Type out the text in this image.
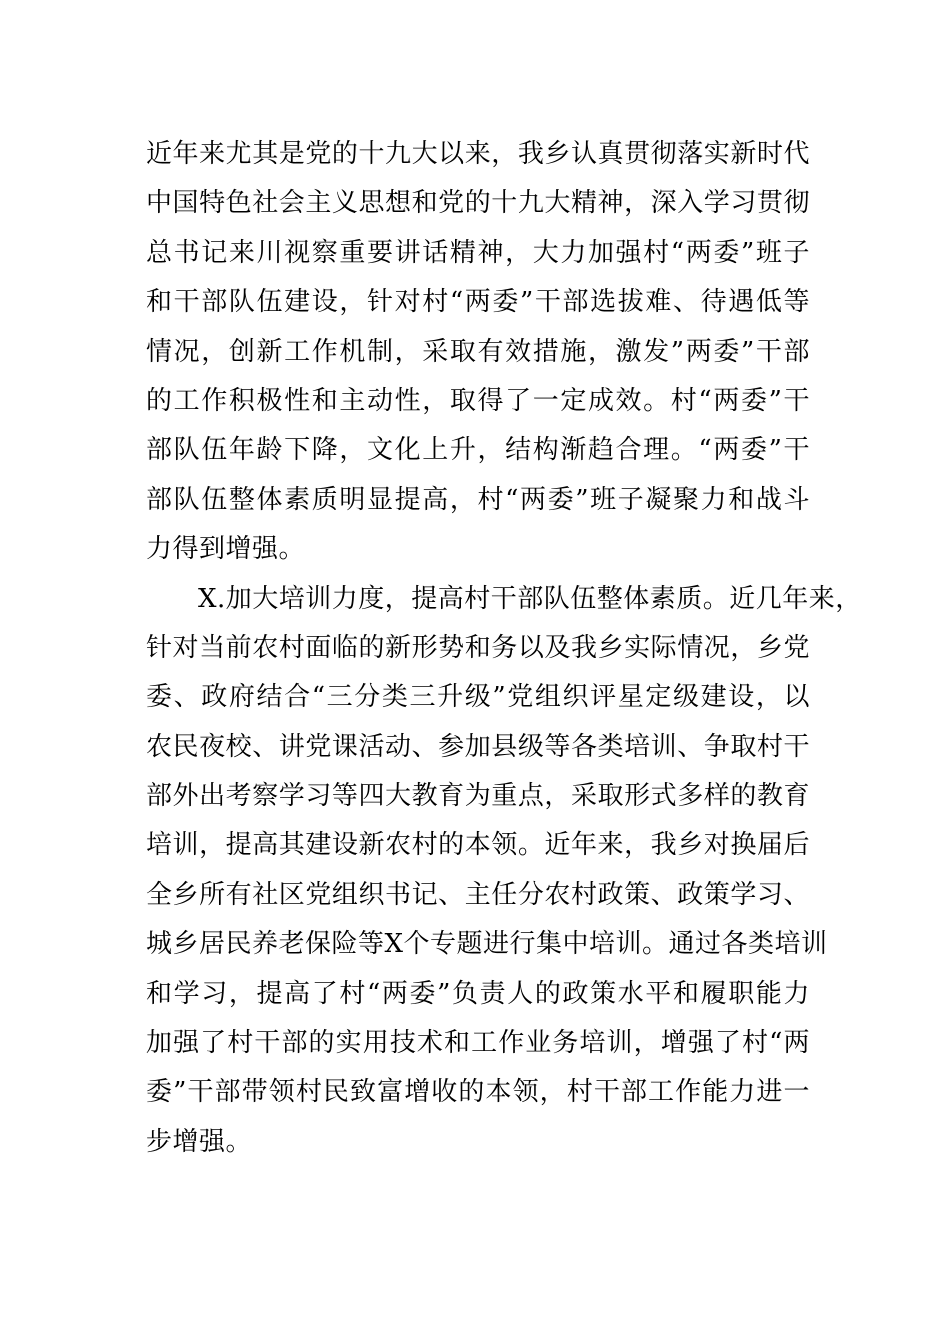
近年来尤其是党的十九大以来，我乡认真贯彻落实新时代
中国特色社会主义思想和党的十九大精神，深入学习贯彻
总书记来川视察重要讲话精神，大力加强村“两委”班子
和干部队伍建设，针对村“两委”干部选拔难、待遇低等
情况，创新工作机制，采取有效措施，激发”两委”干部
的工作积极性和主动性，取得了一定成效。村“两委”干
部队伍年龄下降，文化上升，结构渐趋合理。“两委”干
部队伍整体素质明显提高，村“两委”班子凝聚力和战斗
力得到增强。
X.加大培训力度，提高村干部队伍整体素质。近几年来，
针对当前农村面临的新形势和务以及我乡实际情况，乡党
委、政府结合“三分类三升级”党组织评星定级建设，以
农民夜校、讲党课活动、参加县级等各类培训、争取村干
部外出考察学习等四大教育为重点，采取形式多样的教育
培训，提高其建设新农村的本领。近年来，我乡对换届后
全乡所有社区党组织书记、主任分农村政策、政策学习、
城乡居民养老保险等X个专题进行集中培训。通过各类培训
和学习，提高了村“两委”负责人的政策水平和履职能力
加强了村干部的实用技术和工作业务培训，增强了村“两
委”干部带领村民致富增收的本领，村干部工作能力进一
步增强。
